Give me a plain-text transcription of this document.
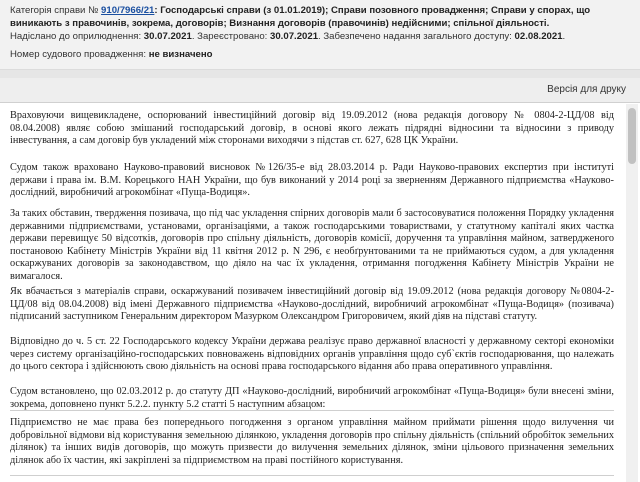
Категорія справи № 910/7966/21: Господарські справи (з 01.01.2019); Справи позовного провадження; Справи у спорах, що виникають з правочинів, зокрема, договорів; Визнання договорів (правочинів) недійсними; спільної діяльності.

Надіслано до оприлюднення: 30.07.2021. Зареєстровано: 30.07.2021. Забезпечено надання загального доступу: 02.08.2021.

Номер судового провадження: не визначено

Версія для друку

Враховуючи вищевикладене, оспорюваний інвестиційний договір від 19.09.2012 (нова редакція договору № 0804-2-ЦД/08 від 08.04.2008) являє собою змішаний господарський договір, в основі якого лежать підрядні відносини та відносини з приводу інвестування, а сам договір був укладений між сторонами виходячи з підстав ст. 627, 628 ЦК України.

Судом також враховано Науково-правовий висновок №126/35-е від 28.03.2014 р. Ради Науково-правових експертиз при інституті держави і права ім. В.М. Корецького НАН України, що був виконаний у 2014 році за зверненням Державного підприємства «Науково-дослідний, виробничий агрокомбінат «Пуща-Водиця».

За таких обставин, твердження позивача, що під час укладення спірних договорів мали б застосовуватися положення Порядку укладення державними підприємствами, установами, організаціями, а також господарськими товариствами, у статутному капіталі яких частка держави перевищує 50 відсотків, договорів про спільну діяльність, договорів комісії, доручення та управління майном, затвердженого постановою Кабінету Міністрів України від 11 квітня 2012 р. N 296, є необґрунтованими та не приймаються судом, а для укладення оскаржуваних договорів за законодавством, що діяло на час їх укладення, отримання погодження Кабінету Міністрів України не вимагалося.

Як вбачається з матеріалів справи, оскаржуваний позивачем інвестиційний договір від 19.09.2012 (нова редакція договору №0804-2-ЦД/08 від 08.04.2008) від імені Державного підприємства «Науково-дослідний, виробничий агрокомбінат «Пуща-Водиця» (позивача) підписаний заступником Генеральним директором Мазурком Олександром Григоровичем, який діяв на підставі статуту.

Відповідно до ч. 5 ст. 22 Господарського кодексу України держава реалізує право державної власності у державному секторі економіки через систему організаційно-господарських повноважень відповідних органів управління щодо суб`єктів господарювання, що належать до цього сектора і здійснюють свою діяльність на основі права господарського відання або права оперативного управління.

Судом встановлено, що 02.03.2012 р. до статуту ДП «Науково-дослідний, виробничий агрокомбінат «Пуща-Водиця» були внесені зміни, зокрема, доповнено пункт 5.2.2. пункту 5.2 статті 5 наступним абзацом:

Підприємство не має права без попереднього погодження з органом управління майном приймати рішення щодо вилучення чи добровільної відмови від користування земельною ділянкою, укладення договорів про спільну діяльність (спільний обробіток земельних ділянок) та інших видів договорів, що можуть призвести до вилучення земельних ділянок, зміни цільового призначення земельних ділянок або їх частин, які закріплені за підприємством на праві постійного користування.
